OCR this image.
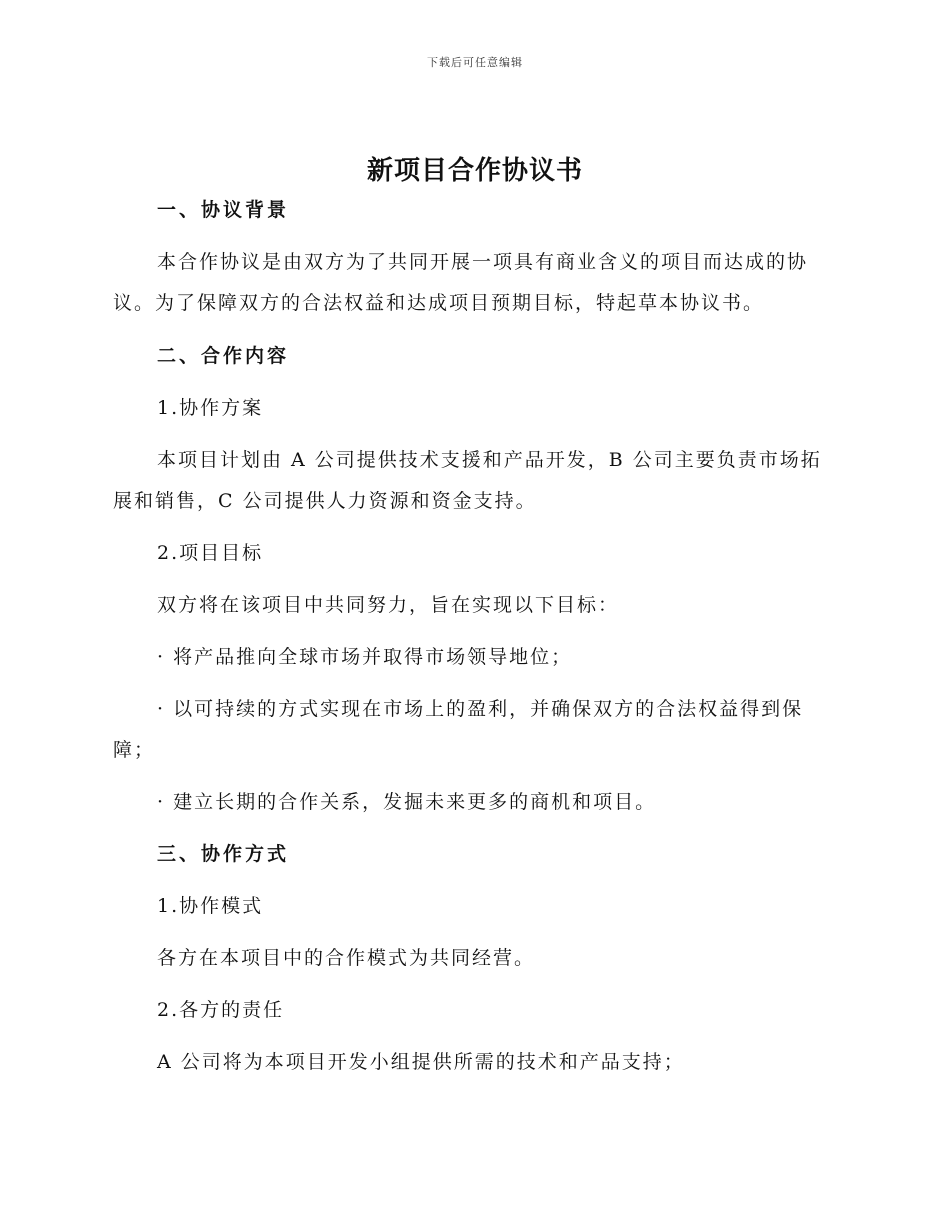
下载后可任意编辑
新项目合作协议书
一、协议背景
本合作协议是由双方为了共同开展一项具有商业含义的项目而达成的协
议。为了保障双方的合法权益和达成项目预期目标，特起草本协议书。
二、合作内容
1.协作方案
本项目计划由 A 公司提供技术支援和产品开发，B 公司主要负责市场拓
展和销售，C 公司提供人力资源和资金支持。
2.项目目标
双方将在该项目中共同努力，旨在实现以下目标：
· 将产品推向全球市场并取得市场领导地位；
· 以可持续的方式实现在市场上的盈利，并确保双方的合法权益得到保
障；
· 建立长期的合作关系，发掘未来更多的商机和项目。
三、协作方式
1.协作模式
各方在本项目中的合作模式为共同经营。
2.各方的责任
A 公司将为本项目开发小组提供所需的技术和产品支持；
